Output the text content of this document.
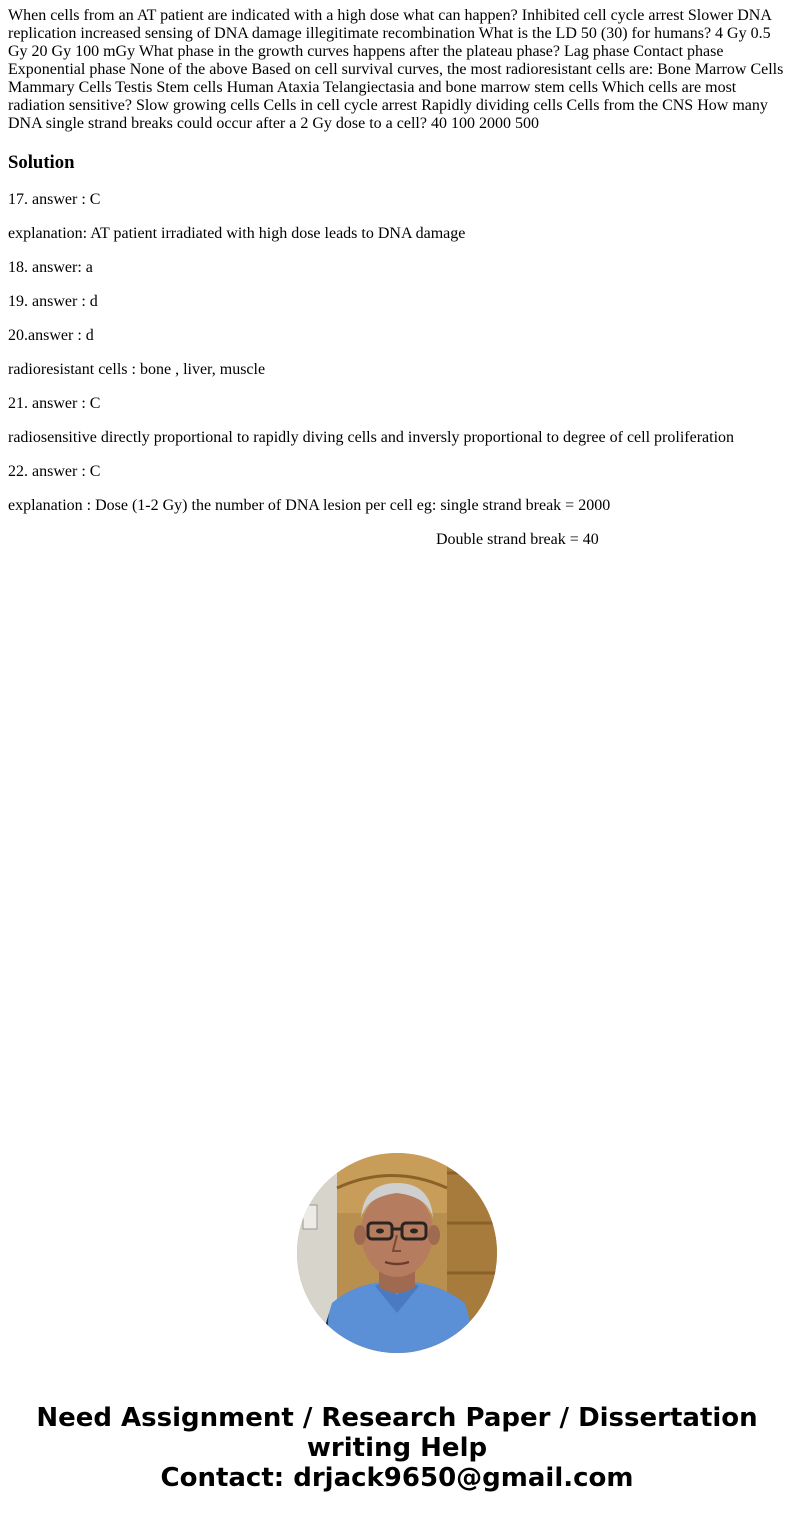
When cells from an AT patient are indicated with a high dose what can happen? Inhibited cell cycle arrest Slower DNA replication increased sensing of DNA damage illegitimate recombination What is the LD 50 (30) for humans? 4 Gy 0.5 Gy 20 Gy 100 mGy What phase in the growth curves happens after the plateau phase? Lag phase Contact phase Exponential phase None of the above Based on cell survival curves, the most radioresistant cells are: Bone Marrow Cells Mammary Cells Testis Stem cells Human Ataxia Telangiectasia and bone marrow stem cells Which cells are most radiation sensitive? Slow growing cells Cells in cell cycle arrest Rapidly dividing cells Cells from the CNS How many DNA single strand breaks could occur after a 2 Gy dose to a cell? 40 100 2000 500

Solution

17. answer : C

explanation: AT patient irradiated with high dose leads to DNA damage

18. answer: a

19. answer : d

20.answer : d

radioresistant cells : bone , liver, muscle

21. answer : C

radiosensitive directly proportional to rapidly diving cells and inversly proportional to degree of cell proliferation

22. answer : C

explanation : Dose (1-2 Gy) the number of DNA lesion per cell eg: single strand break = 2000

Double strand break = 40

Need Assignment / Research Paper / Dissertation
writing Help
Contact: drjack9650@gmail.com
